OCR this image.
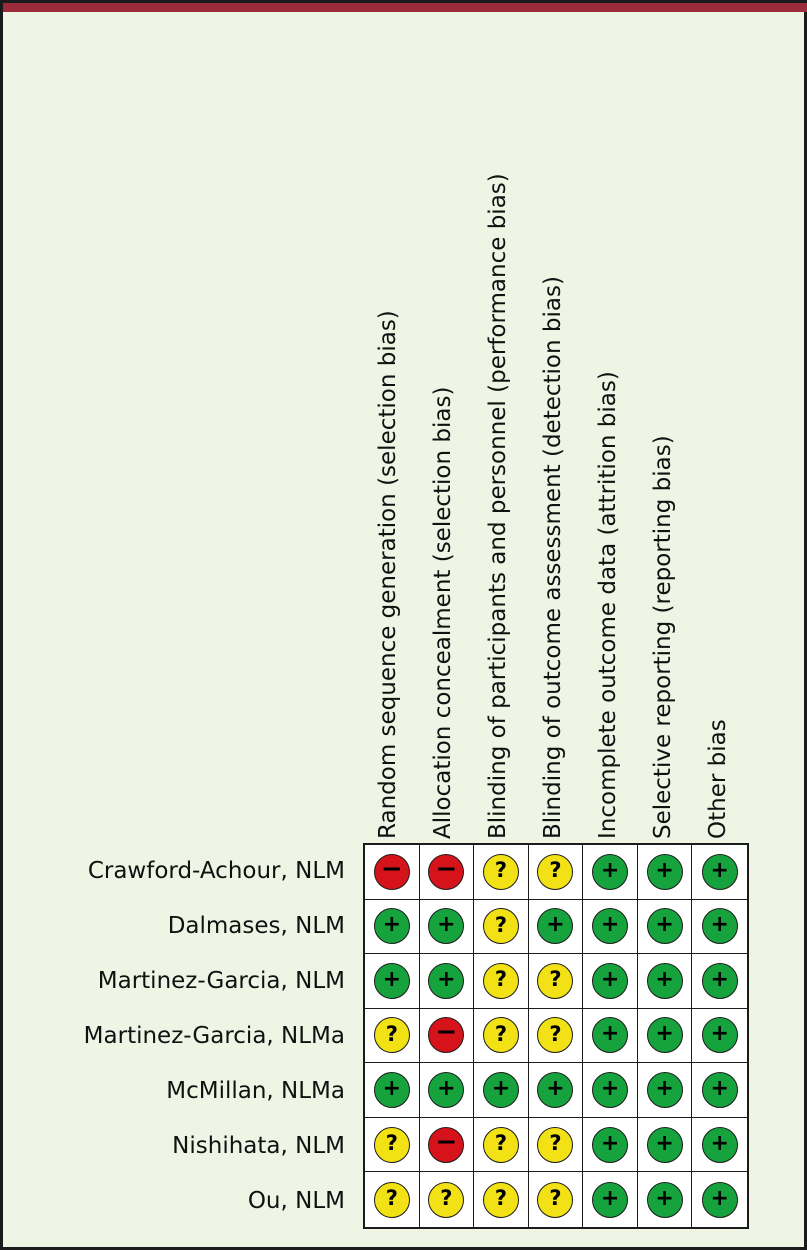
Random sequence generation (selection bias) Allocation concealment (selection bias) Blinding of participants and personnel (performance bias) Blinding of outcome assessment (detection bias) Incomplete outcome data (attrition bias) Selective reporting (reporting bias) Other bias
Crawford-Achour, NLM
Dalmases, NLM
Martinez-Garcia, NLM
Martinez-Garcia, NLMa
McMillan, NLMa
Nishihata, NLM
Ou, NLM
− − ? ? + + +
+ + ? + + + +
+ + ? ? + + +
? − ? ? + + +
+ + + + + + +
? − ? ? + + +
? ? ? ? + + +
